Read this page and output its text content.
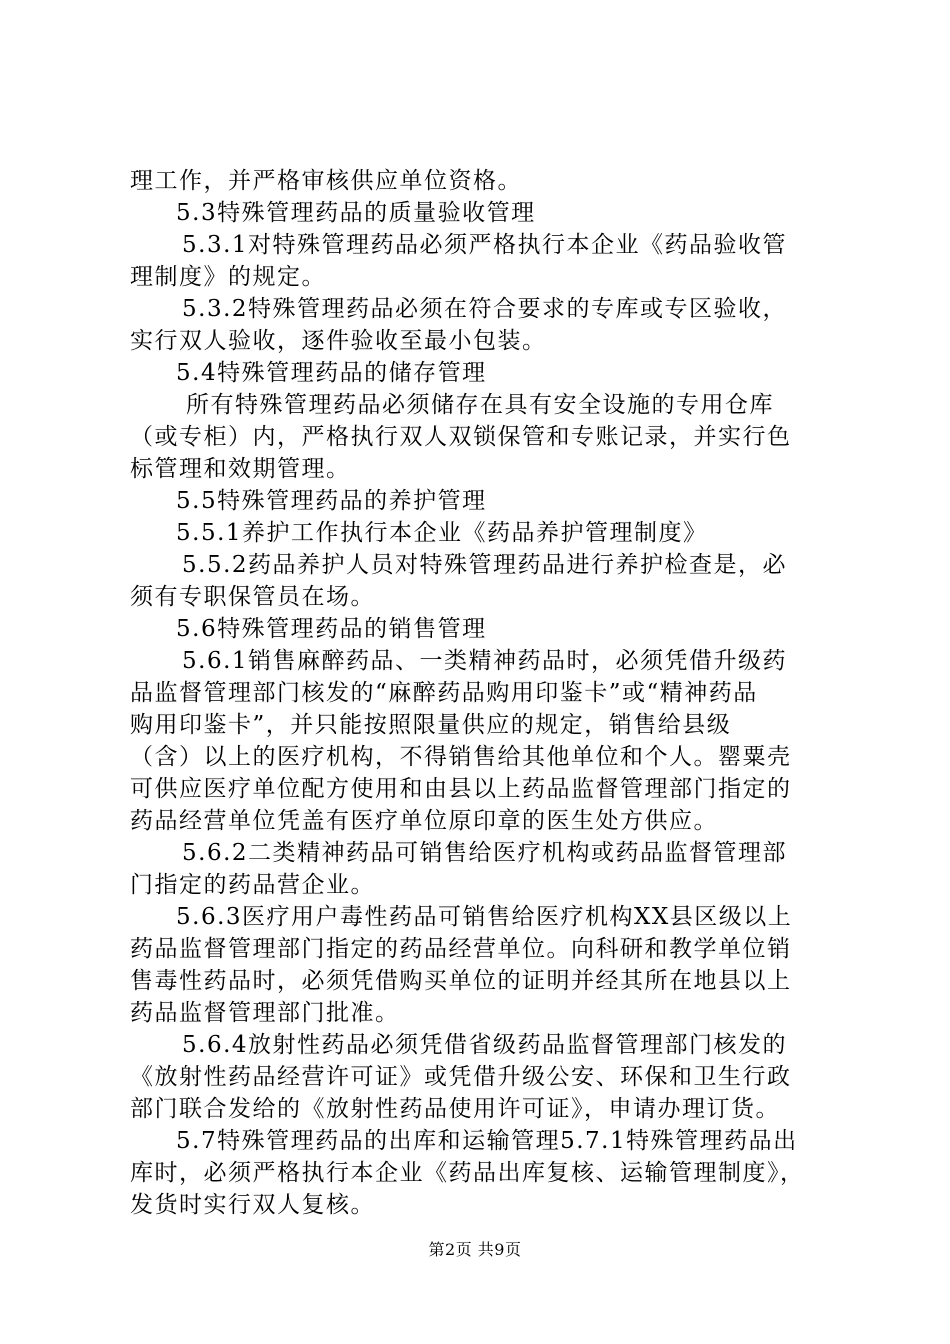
理工作，并严格审核供应单位资格。

5.3特殊管理药品的质量验收管理

5.3.1对特殊管理药品必须严格执行本企业《药品验收管
理制度》的规定。

5.3.2特殊管理药品必须在符合要求的专库或专区验收，
实行双人验收，逐件验收至最小包装。

5.4特殊管理药品的储存管理

所有特殊管理药品必须储存在具有安全设施的专用仓库
（或专柜）内，严格执行双人双锁保管和专账记录，并实行色
标管理和效期管理。

5.5特殊管理药品的养护管理

5.5.1养护工作执行本企业《药品养护管理制度》

5.5.2药品养护人员对特殊管理药品进行养护检查是，必
须有专职保管员在场。

5.6特殊管理药品的销售管理

5.6.1销售麻醉药品、一类精神药品时，必须凭借升级药
品监督管理部门核发的“麻醉药品购用印鉴卡”或“精神药品
购用印鉴卡”，并只能按照限量供应的规定，销售给县级
（含）以上的医疗机构，不得销售给其他单位和个人。罂粟壳
可供应医疗单位配方使用和由县以上药品监督管理部门指定的
药品经营单位凭盖有医疗单位原印章的医生处方供应。

5.6.2二类精神药品可销售给医疗机构或药品监督管理部
门指定的药品营企业。

5.6.3医疗用户毒性药品可销售给医疗机构XX县区级以上
药品监督管理部门指定的药品经营单位。向科研和教学单位销
售毒性药品时，必须凭借购买单位的证明并经其所在地县以上
药品监督管理部门批准。

5.6.4放射性药品必须凭借省级药品监督管理部门核发的
《放射性药品经营许可证》或凭借升级公安、环保和卫生行政
部门联合发给的《放射性药品使用许可证》，申请办理订货。

5.7特殊管理药品的出库和运输管理5.7.1特殊管理药品出
库时，必须严格执行本企业《药品出库复核、运输管理制度》，
发货时实行双人复核。

第2页 共9页
